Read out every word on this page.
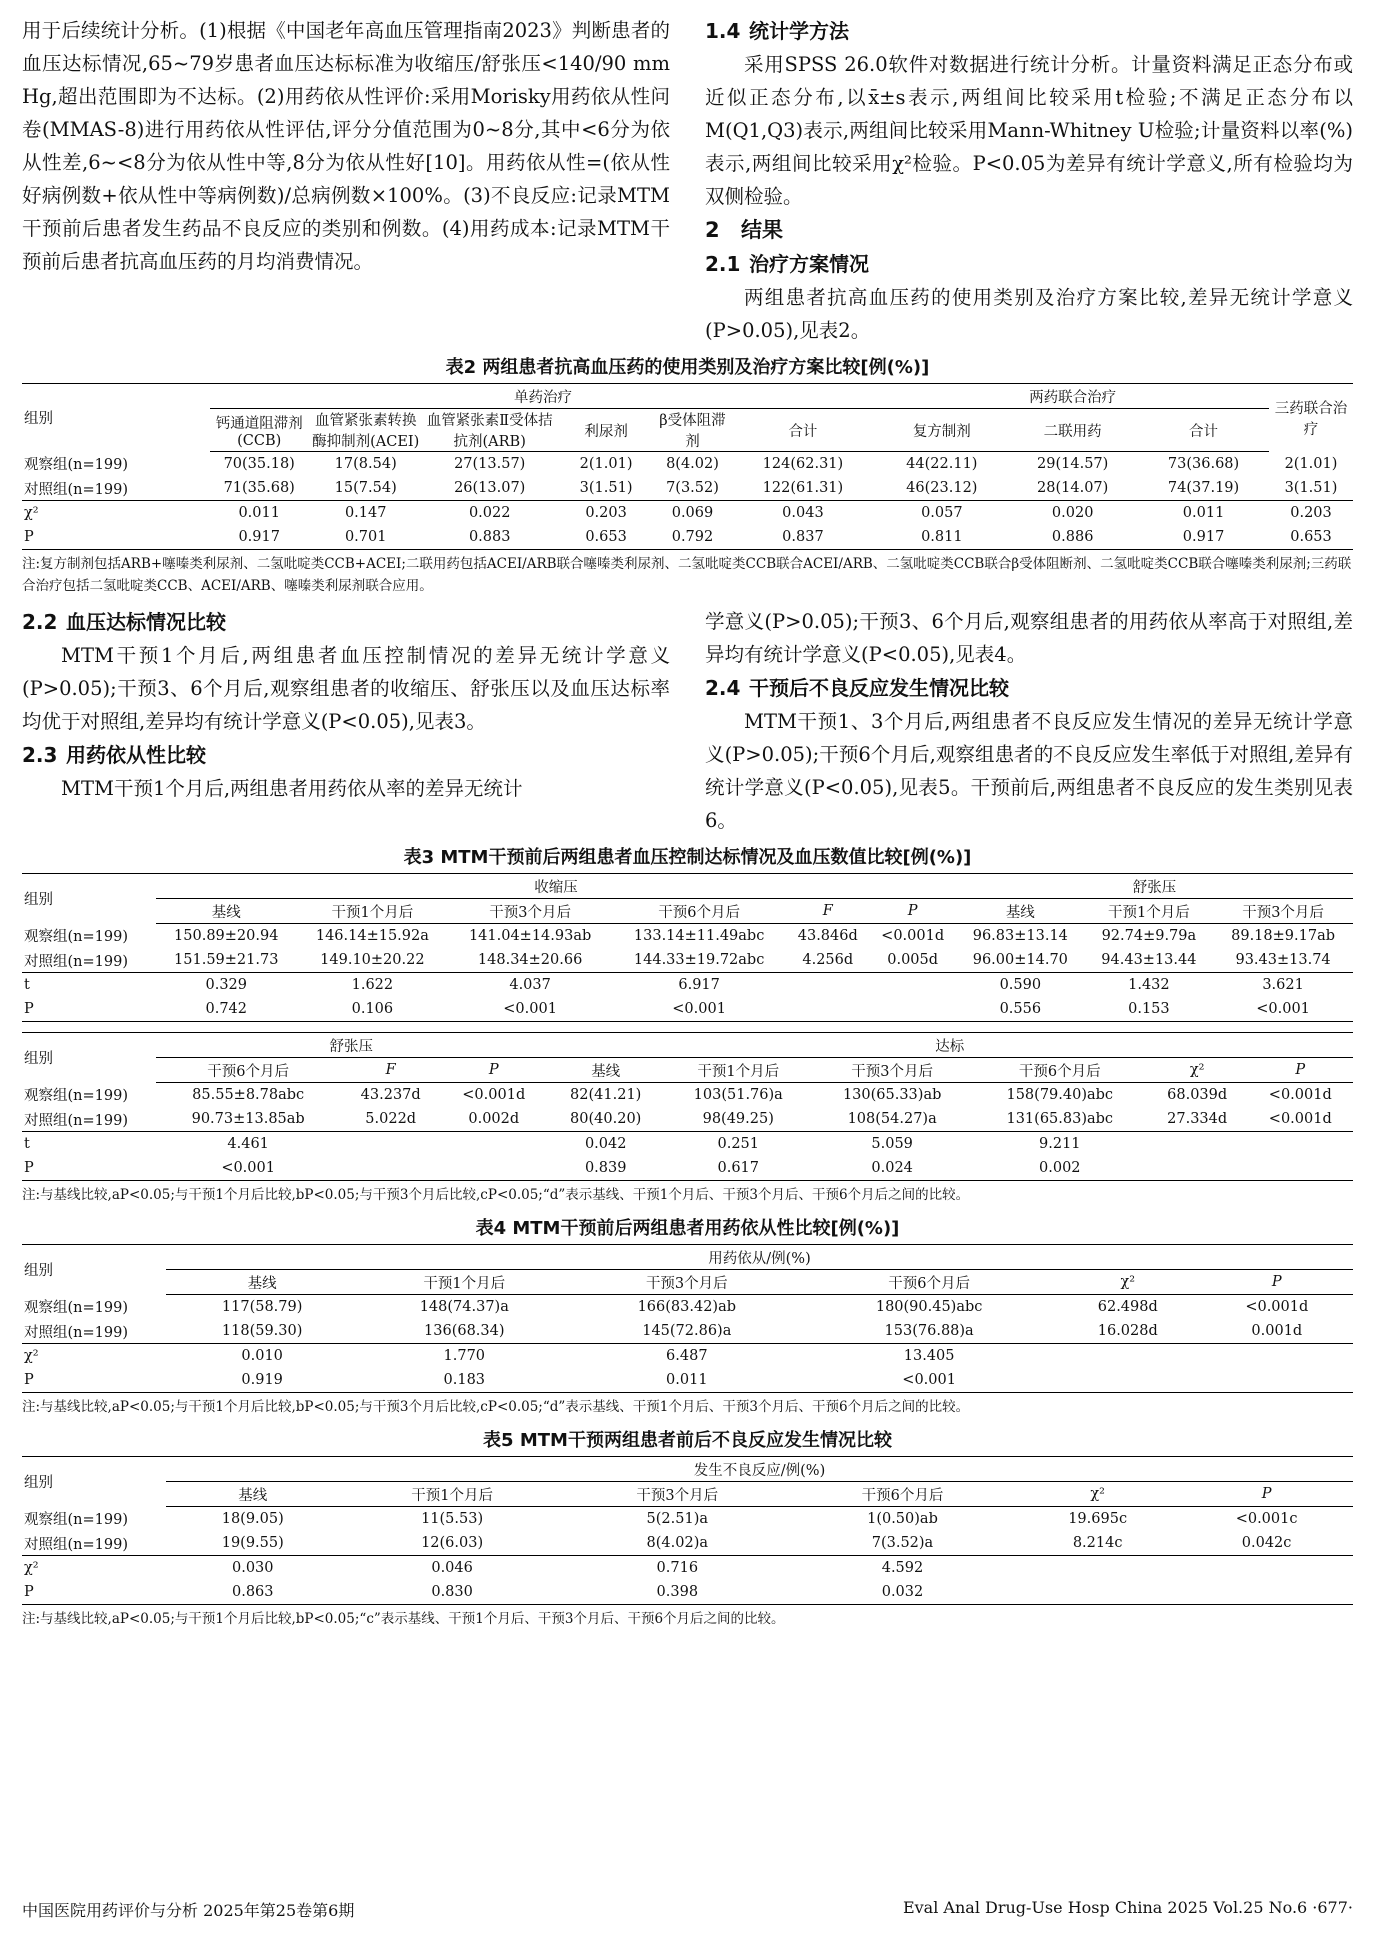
用于后续统计分析。(1)根据《中国老年高血压管理指南2023》判断患者的血压达标情况,65~79岁患者血压达标标准为收缩压/舒张压<140/90 mm Hg,超出范围即为不达标。(2)用药依从性评价:采用Morisky用药依从性问卷(MMAS-8)进行用药依从性评估,评分分值范围为0~8分,其中<6分为依从性差,6~<8分为依从性中等,8分为依从性好[10]。用药依从性=(依从性好病例数+依从性中等病例数)/总病例数×100%。(3)不良反应:记录MTM干预前后患者发生药品不良反应的类别和例数。(4)用药成本:记录MTM干预前后患者抗高血压药的月均消费情况。

1.4 统计学方法

采用SPSS 26.0软件对数据进行统计分析。计量资料满足正态分布或近似正态分布,以x̄±s表示,两组间比较采用t检验;不满足正态分布以M(Q1,Q3)表示,两组间比较采用Mann-Whitney U检验;计量资料以率(%)表示,两组间比较采用χ²检验。P<0.05为差异有统计学意义,所有检验均为双侧检验。

2 结果
2.1 治疗方案情况

两组患者抗高血压药的使用类别及治疗方案比较,差异无统计学意义(P>0.05),见表2。

表2 两组患者抗高血压药的使用类别及治疗方案比较[例(%)]
组别	单药治疗						两药联合治疗			三药联合治疗
	钙通道阻滞剂(CCB)	血管紧张素转换酶抑制剂(ACEI)	血管紧张素Ⅱ受体拮抗剂(ARB)	利尿剂	β受体阻滞剂	合计	复方制剂	二联用药	合计	
观察组(n=199)	70(35.18)	17(8.54)	27(13.57)	2(1.01)	8(4.02)	124(62.31)	44(22.11)	29(14.57)	73(36.68)	2(1.01)
对照组(n=199)	71(35.68)	15(7.54)	26(13.07)	3(1.51)	7(3.52)	122(61.31)	46(23.12)	28(14.07)	74(37.19)	3(1.51)
χ²	0.011	0.147	0.022	0.203	0.069	0.043	0.057	0.020	0.011	0.203
P	0.917	0.701	0.883	0.653	0.792	0.837	0.811	0.886	0.917	0.653
注:复方制剂包括ARB+噻嗪类利尿剂、二氢吡啶类CCB+ACEI;二联用药包括ACEI/ARB联合噻嗪类利尿剂、二氢吡啶类CCB联合ACEI/ARB、二氢吡啶类CCB联合β受体阻断剂、二氢吡啶类CCB联合噻嗪类利尿剂;三药联合治疗包括二氢吡啶类CCB、ACEI/ARB、噻嗪类利尿剂联合应用。
2.2 血压达标情况比较

MTM干预1个月后,两组患者血压控制情况的差异无统计学意义(P>0.05);干预3、6个月后,观察组患者的收缩压、舒张压以及血压达标率均优于对照组,差异均有统计学意义(P<0.05),见表3。

2.3 用药依从性比较

MTM干预1个月后,两组患者用药依从率的差异无统计

学意义(P>0.05);干预3、6个月后,观察组患者的用药依从率高于对照组,差异均有统计学意义(P<0.05),见表4。

2.4 干预后不良反应发生情况比较

MTM干预1、3个月后,两组患者不良反应发生情况的差异无统计学意义(P>0.05);干预6个月后,观察组患者的不良反应发生率低于对照组,差异有统计学意义(P<0.05),见表5。干预前后,两组患者不良反应的发生类别见表6。

表3 MTM干预前后两组患者血压控制达标情况及血压数值比较[例(%)]
组别	收缩压						舒张压		
	基线	干预1个月后	干预3个月后	干预6个月后	F	P	基线	干预1个月后	干预3个月后
观察组(n=199)	150.89±20.94	146.14±15.92a	141.04±14.93ab	133.14±11.49abc	43.846d	<0.001d	96.83±13.14	92.74±9.79a	89.18±9.17ab
对照组(n=199)	151.59±21.73	149.10±20.22	148.34±20.66	144.33±19.72abc	4.256d	0.005d	96.00±14.70	94.43±13.44	93.43±13.74
t	0.329	1.622	4.037	6.917			0.590	1.432	3.621
P	0.742	0.106	<0.001	<0.001			0.556	0.153	<0.001
组别	舒张压			达标					
	干预6个月后	F	P	基线	干预1个月后	干预3个月后	干预6个月后	χ²	P
观察组(n=199)	85.55±8.78abc	43.237d	<0.001d	82(41.21)	103(51.76)a	130(65.33)ab	158(79.40)abc	68.039d	<0.001d
对照组(n=199)	90.73±13.85ab	5.022d	0.002d	80(40.20)	98(49.25)	108(54.27)a	131(65.83)abc	27.334d	<0.001d
t	4.461			0.042	0.251	5.059	9.211		
P	<0.001			0.839	0.617	0.024	0.002		
注:与基线比较,aP<0.05;与干预1个月后比较,bP<0.05;与干预3个月后比较,cP<0.05;“d”表示基线、干预1个月后、干预3个月后、干预6个月后之间的比较。
表4 MTM干预前后两组患者用药依从性比较[例(%)]
组别	用药依从/例(%)					
	基线	干预1个月后	干预3个月后	干预6个月后	χ²	P
观察组(n=199)	117(58.79)	148(74.37)a	166(83.42)ab	180(90.45)abc	62.498d	<0.001d
对照组(n=199)	118(59.30)	136(68.34)	145(72.86)a	153(76.88)a	16.028d	0.001d
χ²	0.010	1.770	6.487	13.405		
P	0.919	0.183	0.011	<0.001		
注:与基线比较,aP<0.05;与干预1个月后比较,bP<0.05;与干预3个月后比较,cP<0.05;“d”表示基线、干预1个月后、干预3个月后、干预6个月后之间的比较。
表5 MTM干预两组患者前后不良反应发生情况比较
组别	发生不良反应/例(%)					
	基线	干预1个月后	干预3个月后	干预6个月后	χ²	P
观察组(n=199)	18(9.05)	11(5.53)	5(2.51)a	1(0.50)ab	19.695c	<0.001c
对照组(n=199)	19(9.55)	12(6.03)	8(4.02)a	7(3.52)a	8.214c	0.042c
χ²	0.030	0.046	0.716	4.592		
P	0.863	0.830	0.398	0.032		
注:与基线比较,aP<0.05;与干预1个月后比较,bP<0.05;“c”表示基线、干预1个月后、干预3个月后、干预6个月后之间的比较。
中国医院用药评价与分析 2025年第25卷第6期	Eval Anal Drug-Use Hosp China 2025 Vol.25 No.6 ·677·
